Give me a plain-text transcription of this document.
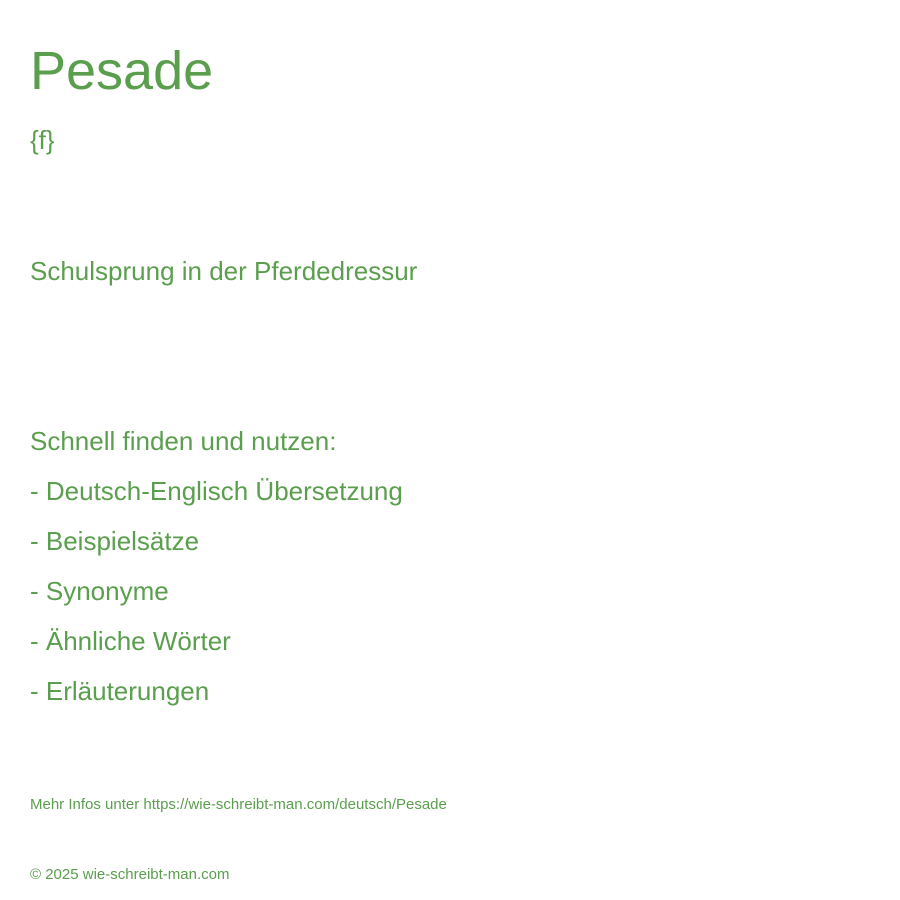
Pesade
{f}
Schulsprung in der Pferdedressur
Schnell finden und nutzen:
- Deutsch-Englisch Übersetzung
- Beispielsätze
- Synonyme
- Ähnliche Wörter
- Erläuterungen
Mehr Infos unter https://wie-schreibt-man.com/deutsch/Pesade
© 2025 wie-schreibt-man.com
